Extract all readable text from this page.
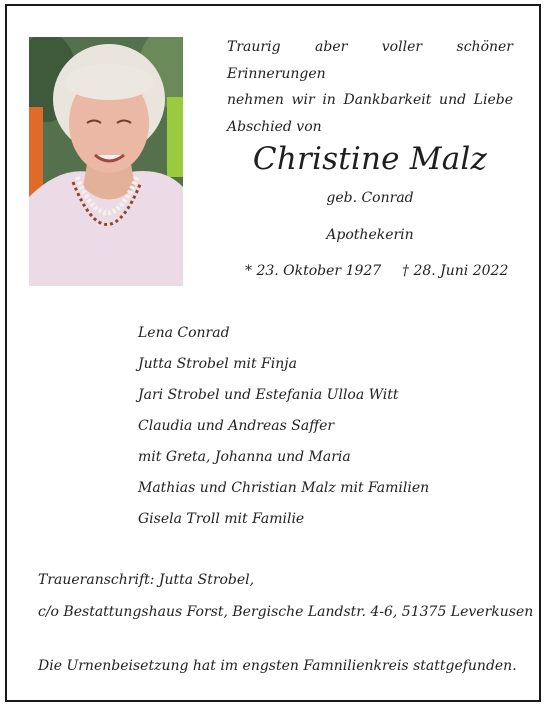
Traurig aber voller schöner Erinnerungen
nehmen wir in Dankbarkeit und Liebe
Abschied von
Christine Malz
geb. Conrad
Apothekerin
* 23. Oktober 1927 † 28. Juni 2022
Lena Conrad
Jutta Strobel mit Finja
Jari Strobel und Estefania Ulloa Witt
Claudia und Andreas Saffer
mit Greta, Johanna und Maria
Mathias und Christian Malz mit Familien
Gisela Troll mit Familie
Traueranschrift: Jutta Strobel,
c/o Bestattungshaus Forst, Bergische Landstr. 4-6, 51375 Leverkusen
Die Urnenbeisetzung hat im engsten Famnilienkreis stattgefunden.
